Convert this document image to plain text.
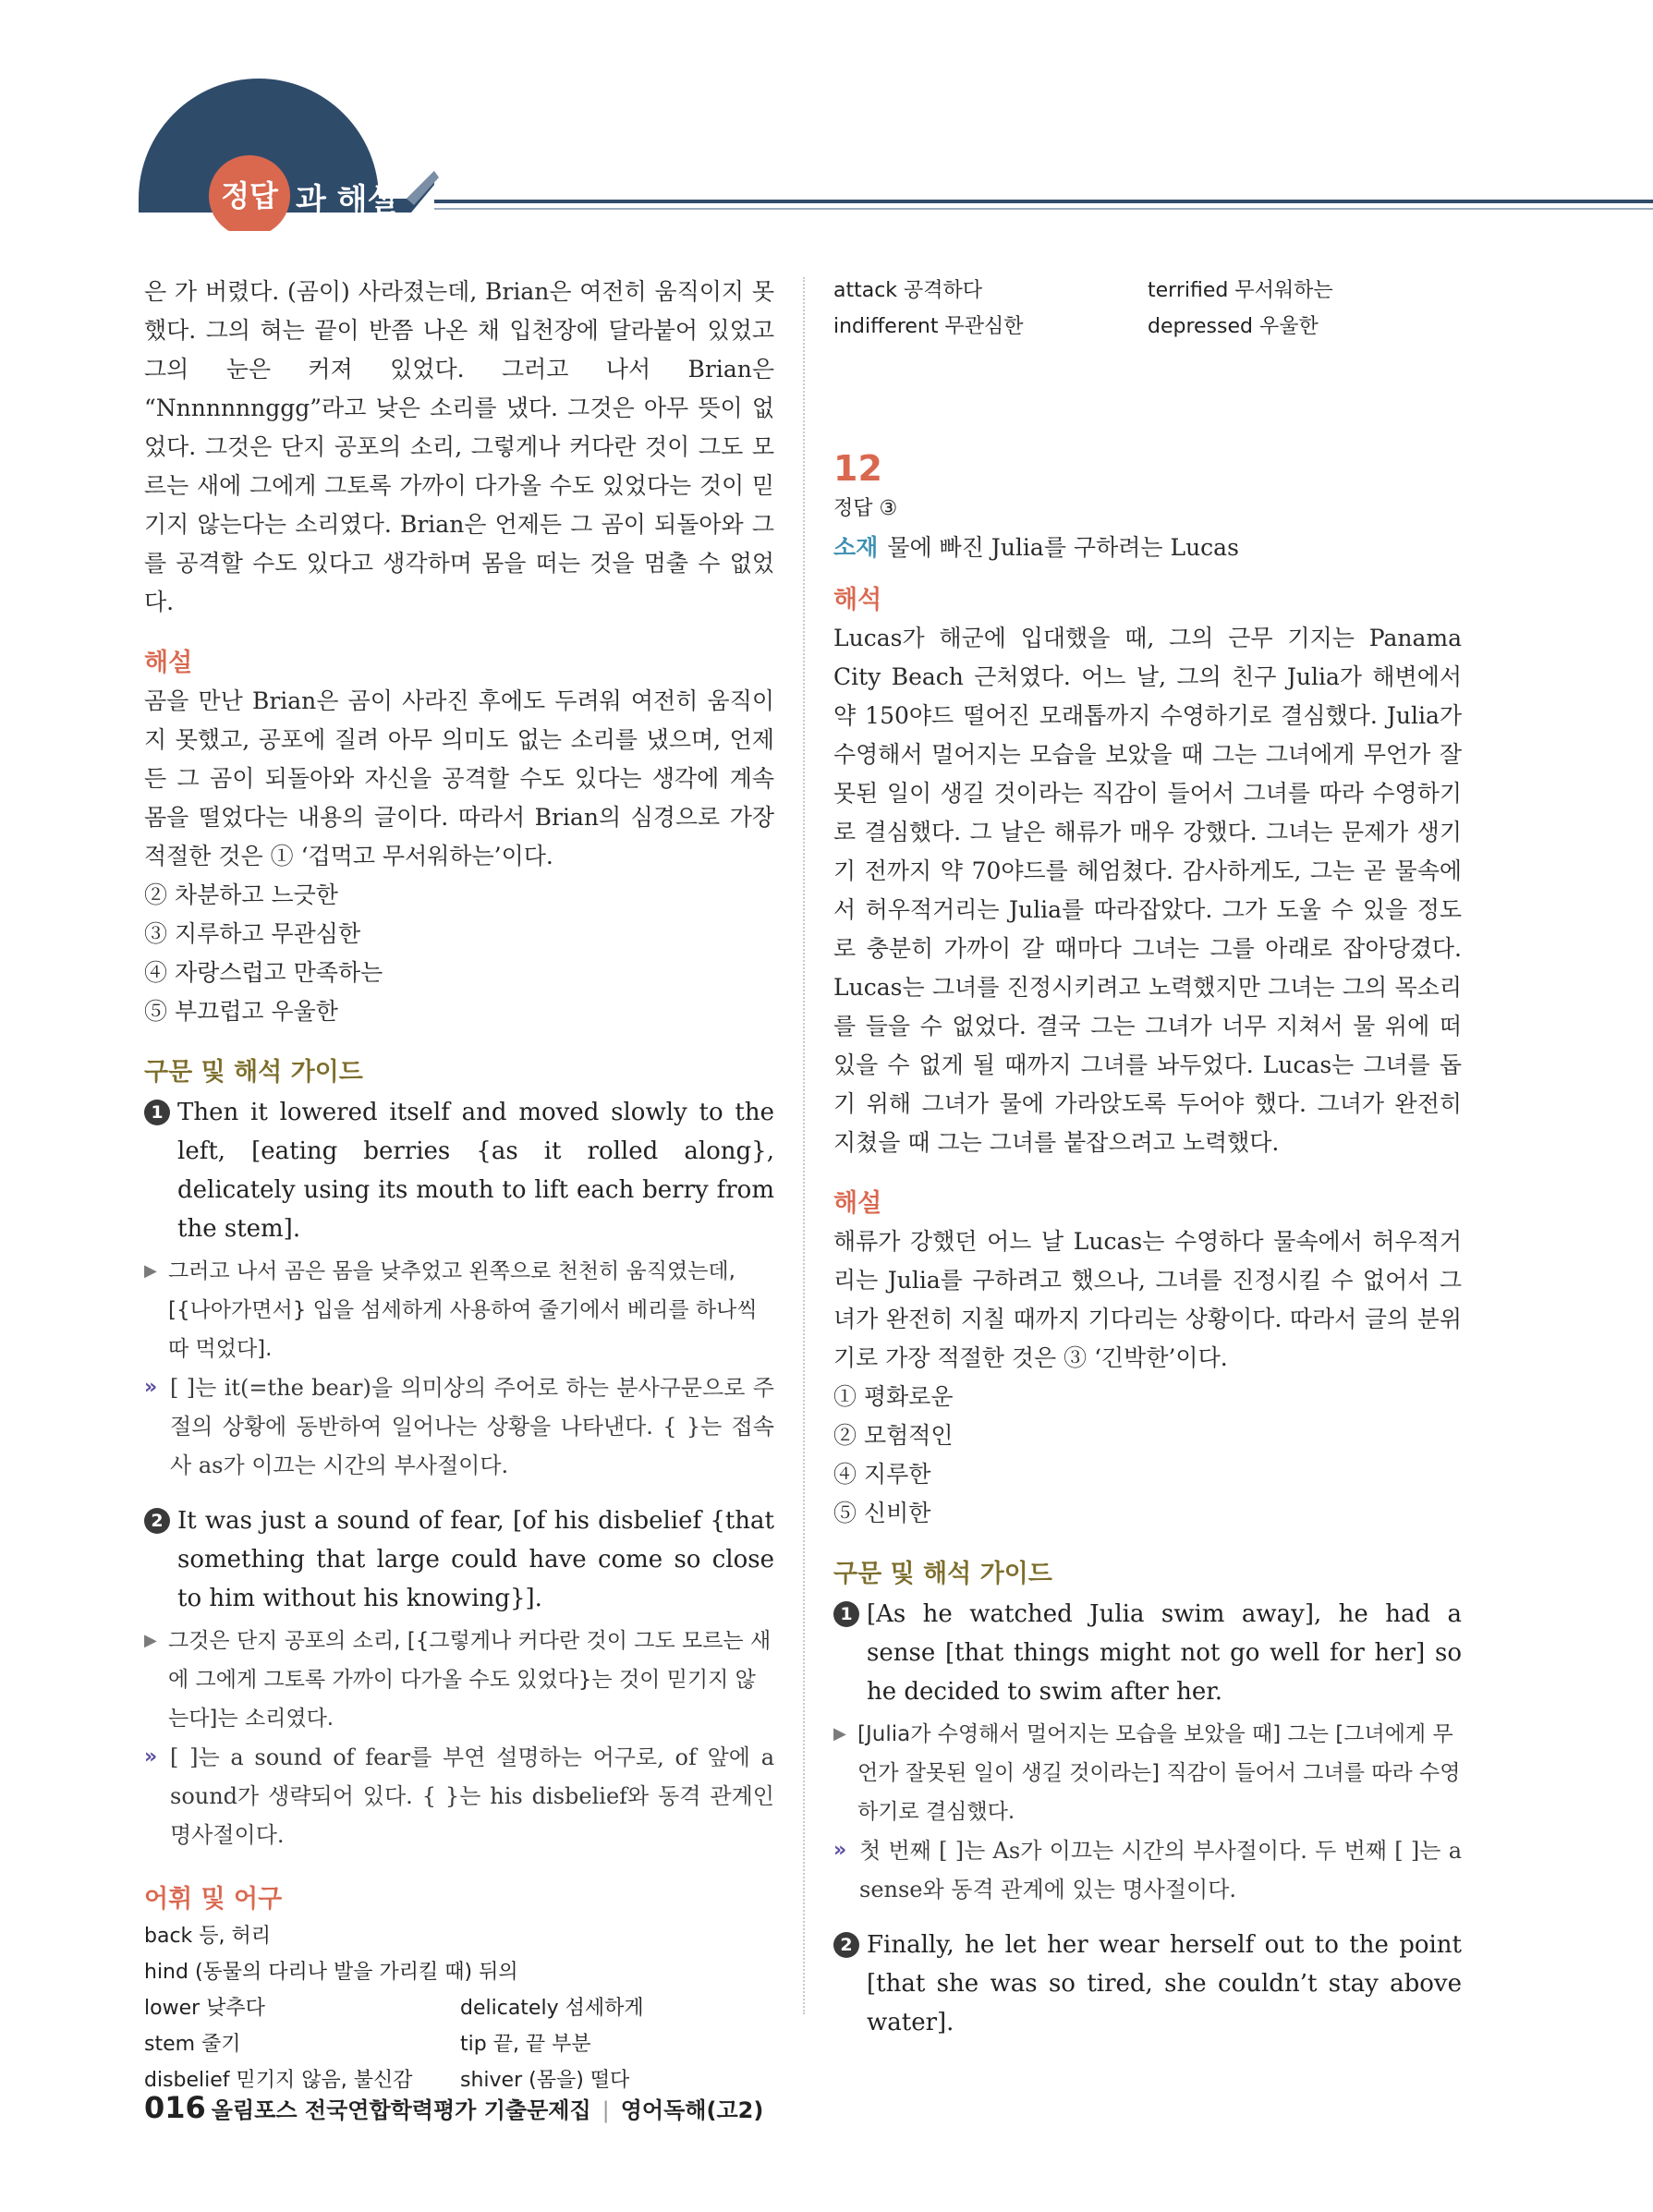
정답 과 해설

은 가 버렸다. (곰이) 사라졌는데, Brian은 여전히 움직이지 못했다. 그의 혀는 끝이 반쯤 나온 채 입천장에 달라붙어 있었고 그의 눈은 커져 있었다. 그러고 나서 Brian은 “Nnnnnnnggg”라고 낮은 소리를 냈다. 그것은 아무 뜻이 없었다. 그것은 단지 공포의 소리, 그렇게나 커다란 것이 그도 모르는 새에 그에게 그토록 가까이 다가올 수도 있었다는 것이 믿기지 않는다는 소리였다. Brian은 언제든 그 곰이 되돌아와 그를 공격할 수도 있다고 생각하며 몸을 떠는 것을 멈출 수 없었다.

해설

곰을 만난 Brian은 곰이 사라진 후에도 두려워 여전히 움직이지 못했고, 공포에 질려 아무 의미도 없는 소리를 냈으며, 언제든 그 곰이 되돌아와 자신을 공격할 수도 있다는 생각에 계속 몸을 떨었다는 내용의 글이다. 따라서 Brian의 심경으로 가장 적절한 것은 ① ‘겁먹고 무서워하는’이다.

② 차분하고 느긋한
③ 지루하고 무관심한
④ 자랑스럽고 만족하는
⑤ 부끄럽고 우울한
구문 및 해석 가이드
1 Then it lowered itself and moved slowly to the left, [eating berries {as it rolled along}, delicately using its mouth to lift each berry from the stem].
▶ 그러고 나서 곰은 몸을 낮추었고 왼쪽으로 천천히 움직였는데, [{나아가면서} 입을 섬세하게 사용하여 줄기에서 베리를 하나씩 따 먹었다].
» [ ]는 it(=the bear)을 의미상의 주어로 하는 분사구문으로 주절의 상황에 동반하여 일어나는 상황을 나타낸다. { }는 접속사 as가 이끄는 시간의 부사절이다.
2 It was just a sound of fear, [of his disbelief {that something that large could have come so close to him without his knowing}].
▶ 그것은 단지 공포의 소리, [{그렇게나 커다란 것이 그도 모르는 새에 그에게 그토록 가까이 다가올 수도 있었다}는 것이 믿기지 않는다]는 소리였다.
» [ ]는 a sound of fear를 부연 설명하는 어구로, of 앞에 a sound가 생략되어 있다. { }는 his disbelief와 동격 관계인 명사절이다.
어휘 및 어구
back 등, 허리
hind (동물의 다리나 발을 가리킬 때) 뒤의
lower 낮추다	delicately 섬세하게
stem 줄기	tip 끝, 끝 부분
disbelief 믿기지 않음, 불신감	shiver (몸을) 떨다
attack 공격하다	terrified 무서워하는
indifferent 무관심한	depressed 우울한
12
정답 ③
소재 물에 빠진 Julia를 구하려는 Lucas
해석

Lucas가 해군에 입대했을 때, 그의 근무 기지는 Panama City Beach 근처였다. 어느 날, 그의 친구 Julia가 해변에서 약 150야드 떨어진 모래톱까지 수영하기로 결심했다. Julia가 수영해서 멀어지는 모습을 보았을 때 그는 그녀에게 무언가 잘못된 일이 생길 것이라는 직감이 들어서 그녀를 따라 수영하기로 결심했다. 그 날은 해류가 매우 강했다. 그녀는 문제가 생기기 전까지 약 70야드를 헤엄쳤다. 감사하게도, 그는 곧 물속에서 허우적거리는 Julia를 따라잡았다. 그가 도울 수 있을 정도로 충분히 가까이 갈 때마다 그녀는 그를 아래로 잡아당겼다. Lucas는 그녀를 진정시키려고 노력했지만 그녀는 그의 목소리를 들을 수 없었다. 결국 그는 그녀가 너무 지쳐서 물 위에 떠 있을 수 없게 될 때까지 그녀를 놔두었다. Lucas는 그녀를 돕기 위해 그녀가 물에 가라앉도록 두어야 했다. 그녀가 완전히 지쳤을 때 그는 그녀를 붙잡으려고 노력했다.

해설

해류가 강했던 어느 날 Lucas는 수영하다 물속에서 허우적거리는 Julia를 구하려고 했으나, 그녀를 진정시킬 수 없어서 그녀가 완전히 지칠 때까지 기다리는 상황이다. 따라서 글의 분위기로 가장 적절한 것은 ③ ‘긴박한’이다.

① 평화로운
② 모험적인
④ 지루한
⑤ 신비한
구문 및 해석 가이드
1 [As he watched Julia swim away], he had a sense [that things might not go well for her] so he decided to swim after her.
▶ [Julia가 수영해서 멀어지는 모습을 보았을 때] 그는 [그녀에게 무언가 잘못된 일이 생길 것이라는] 직감이 들어서 그녀를 따라 수영하기로 결심했다.
» 첫 번째 [ ]는 As가 이끄는 시간의 부사절이다. 두 번째 [ ]는 a sense와 동격 관계에 있는 명사절이다.
2 Finally, he let her wear herself out to the point [that she was so tired, she couldn’t stay above water].
016 올림포스 전국연합학력평가 기출문제집 | 영어독해(고2)
